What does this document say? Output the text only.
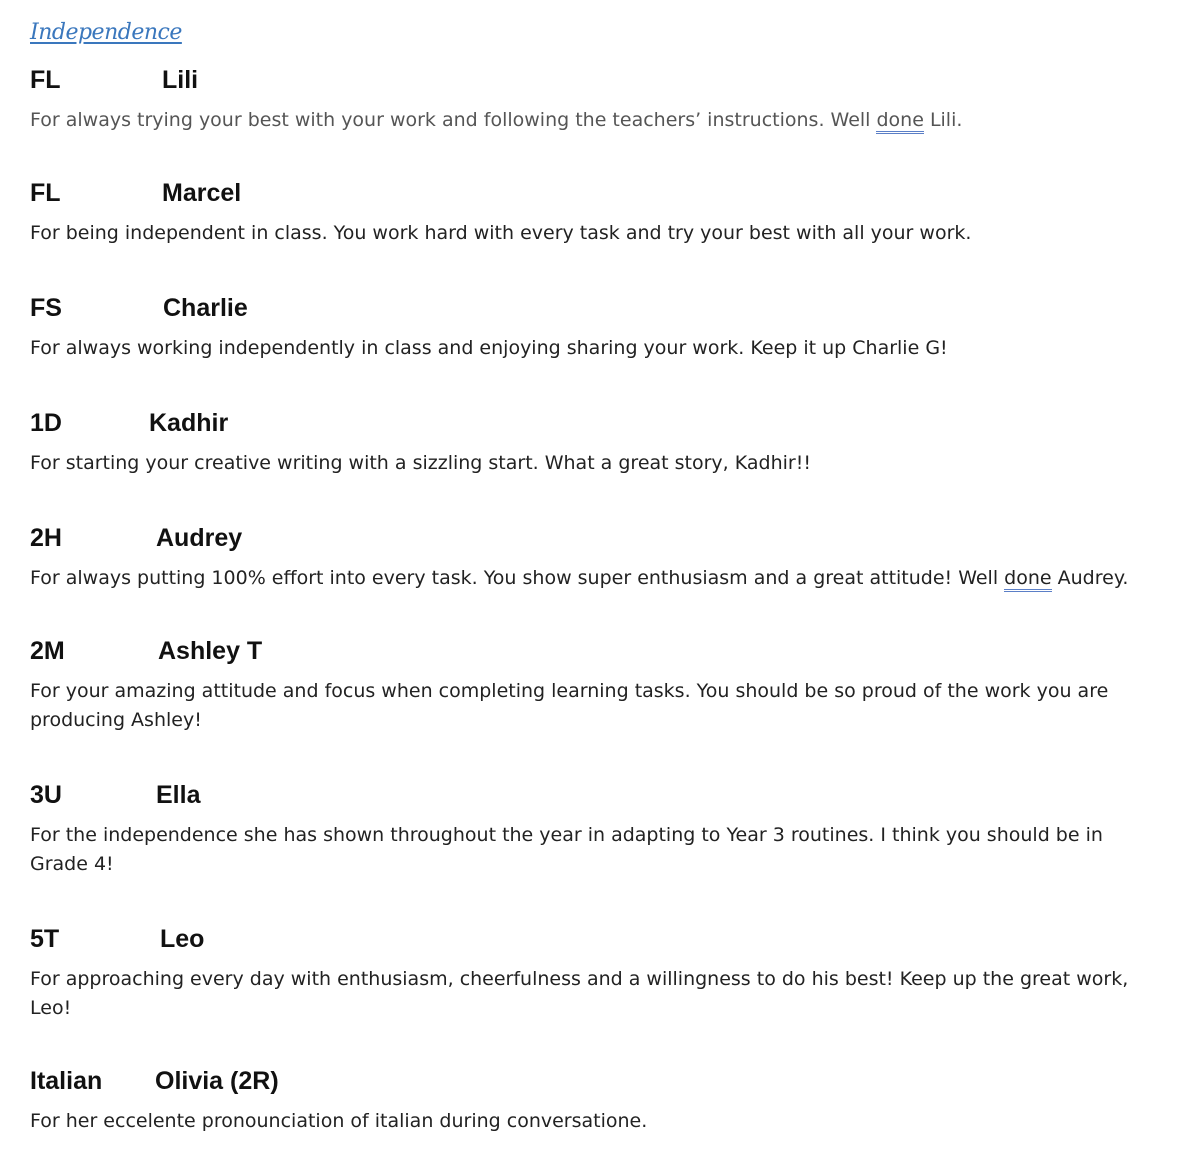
Independence
FL	Lili
For always trying your best with your work and following the teachers’ instructions. Well done Lili.
FL	Marcel
For being independent in class. You work hard with every task and try your best with all your work.
FS	Charlie
For always working independently in class and enjoying sharing your work. Keep it up Charlie G!
1D	Kadhir
For starting your creative writing with a sizzling start. What a great story, Kadhir!!
2H	Audrey
For always putting 100% effort into every task. You show super enthusiasm and a great attitude! Well done Audrey.
2M	Ashley T
For your amazing attitude and focus when completing learning tasks. You should be so proud of the work you are producing Ashley!
3U	Ella
For the independence she has shown throughout the year in adapting to Year 3 routines. I think you should be in Grade 4!
5T	Leo
For approaching every day with enthusiasm, cheerfulness and a willingness to do his best! Keep up the great work, Leo!
Italian Olivia (2R)
For her eccelente pronounciation of italian during conversatione.
